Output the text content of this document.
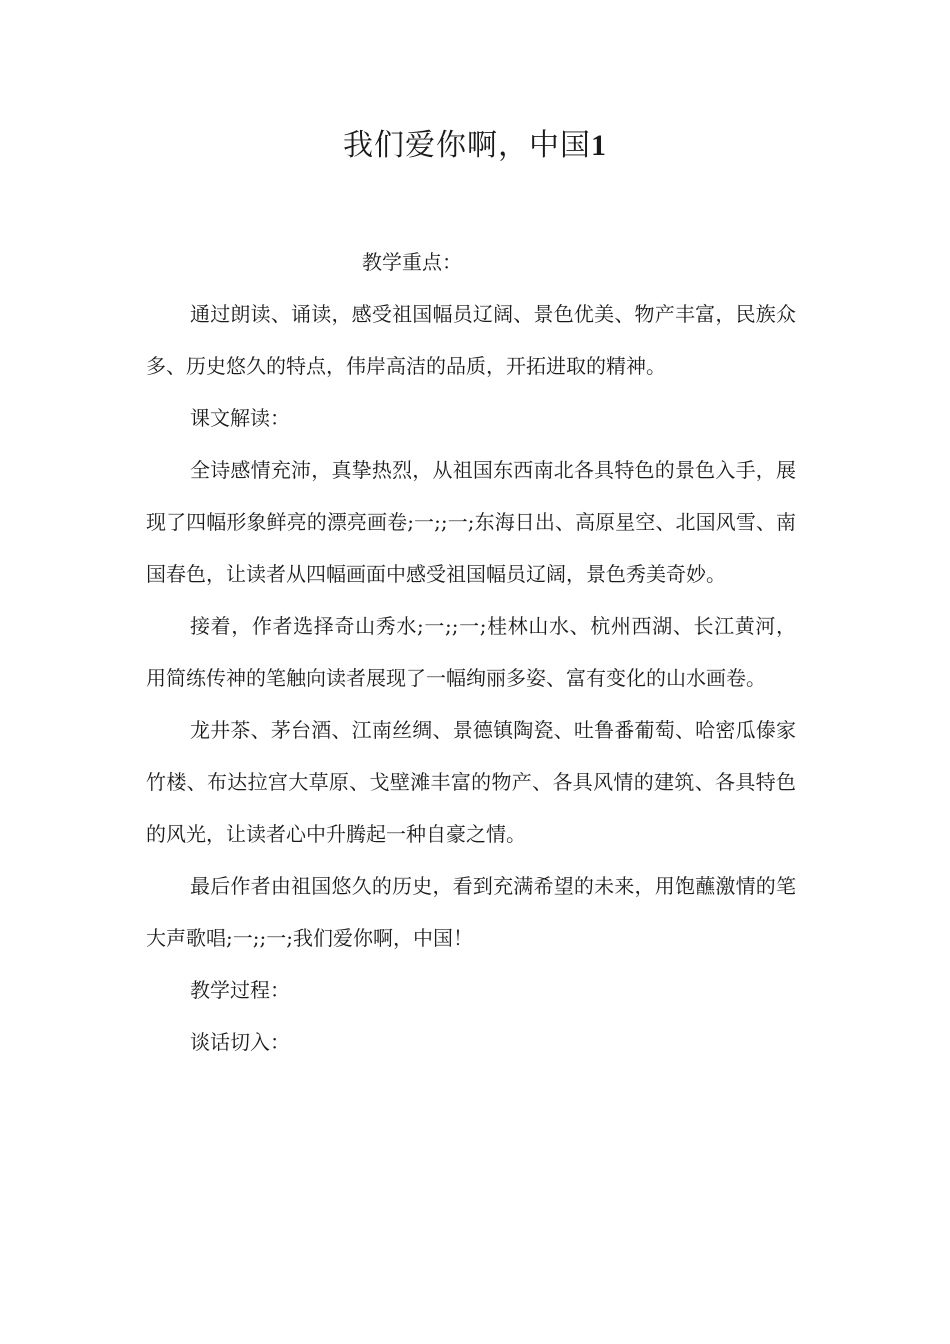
我们爱你啊，中国1

教学重点：

通过朗读、诵读，感受祖国幅员辽阔、景色优美、物产丰富，民族众多、历史悠久的特点，伟岸高洁的品质，开拓进取的精神。

课文解读：

全诗感情充沛，真挚热烈，从祖国东西南北各具特色的景色入手，展现了四幅形象鲜亮的漂亮画卷;一;;一;东海日出、高原星空、北国风雪、南国春色，让读者从四幅画面中感受祖国幅员辽阔，景色秀美奇妙。

接着，作者选择奇山秀水;一;;一;桂林山水、杭州西湖、长江黄河，用简练传神的笔触向读者展现了一幅绚丽多姿、富有变化的山水画卷。

龙井茶、茅台酒、江南丝绸、景德镇陶瓷、吐鲁番葡萄、哈密瓜傣家竹楼、布达拉宫大草原、戈壁滩丰富的物产、各具风情的建筑、各具特色的风光，让读者心中升腾起一种自豪之情。

最后作者由祖国悠久的历史，看到充满希望的未来，用饱蘸激情的笔大声歌唱;一;;一;我们爱你啊，中国！

教学过程：

谈话切入：
